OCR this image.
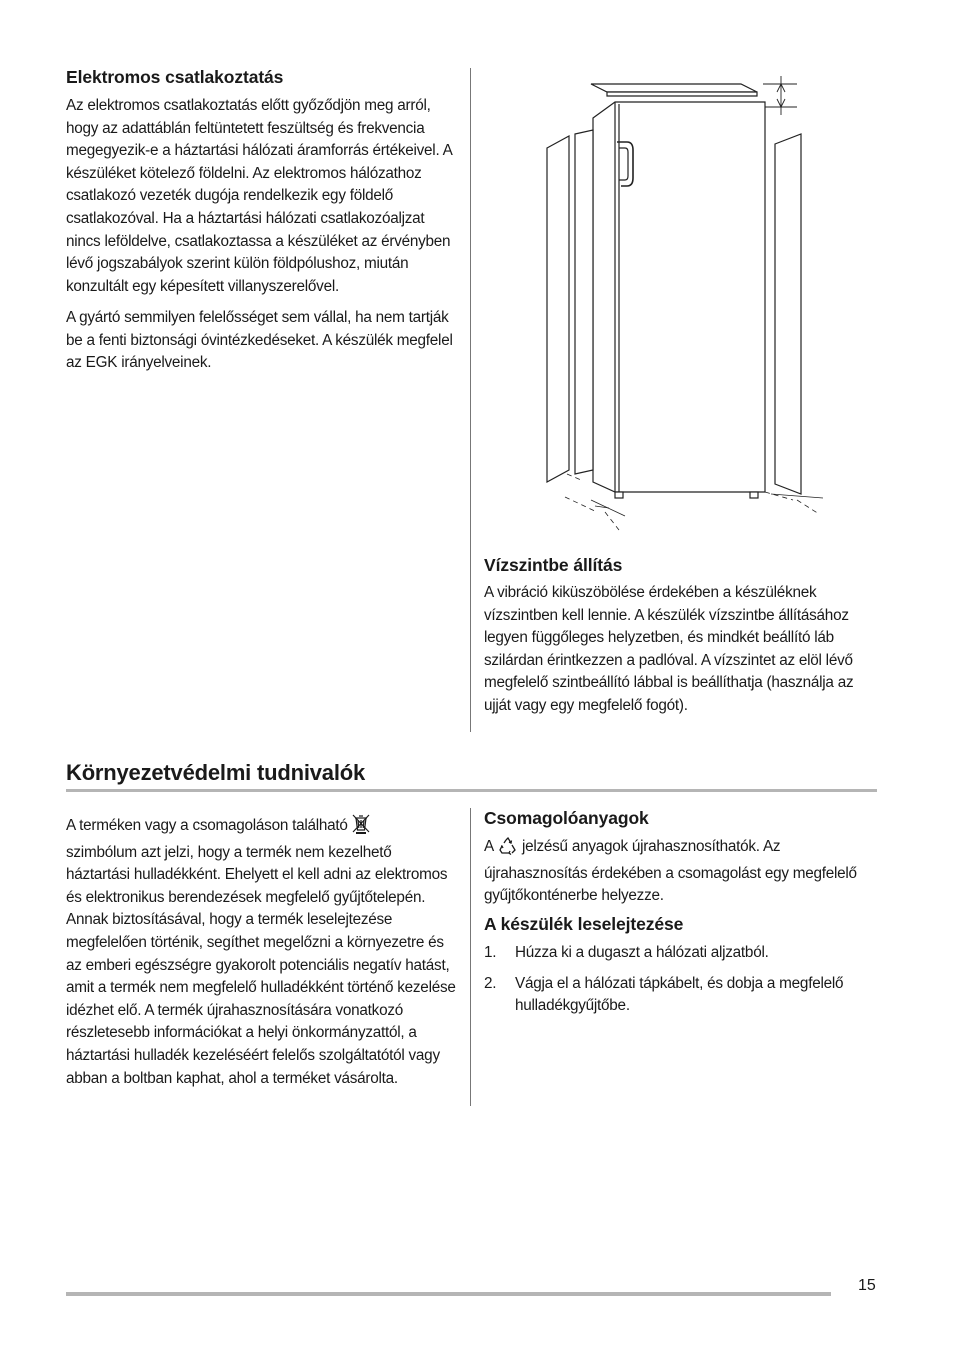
Elektromos csatlakoztatás

Az elektromos csatlakoztatás előtt győződjön meg arról, hogy az adattáblán feltüntetett feszültség és frekvencia megegyezik-e a háztartási hálózati áramforrás értékeivel. A készüléket kötelező földelni. Az elektromos hálózathoz csatlakozó vezeték dugója rendelkezik egy földelő csatlakozóval. Ha a háztartási hálózati csatlakozóaljzat nincs leföldelve, csatlakoztassa a készüléket az érvényben lévő jogszabályok szerint külön földpólushoz, miután konzultált egy képesített villanyszerelővel.

A gyártó semmilyen felelősséget sem vállal, ha nem tartják be a fenti biztonsági óvintézkedéseket. A készülék megfelel az EGK irányelveinek.

Vízszintbe állítás

A vibráció kiküszöbölése érdekében a készüléknek vízszintben kell lennie. A készülék vízszintbe állításához legyen függőleges helyzetben, és mindkét beállító láb szilárdan érintkezzen a padlóval. A vízszintet az elöl lévő megfelelő szintbeállító lábbal is beállíthatja (használja az ujját vagy egy megfelelő fogót).

Környezetvédelmi tudnivalók

A terméken vagy a csomagoláson található
szimbólum azt jelzi, hogy a termék nem kezelhető háztartási hulladékként. Ehelyett el kell adni az elektromos és elektronikus berendezések megfelelő gyűjtőtelepén. Annak biztosításával, hogy a termék leselejtezése megfelelően történik, segíthet megelőzni a környezetre és az emberi egészségre gyakorolt potenciális negatív hatást, amit a termék nem megfelelő hulladékként történő kezelése idézhet elő. A termék újrahasznosítására vonatkozó részletesebb információkat a helyi önkormányzattól, a háztartási hulladék kezeléséért felelős szolgáltatótól vagy abban a boltban kaphat, ahol a terméket vásárolta.

Csomagolóanyagok

A jelzésű anyagok újrahasznosíthatók. Az újrahasznosítás érdekében a csomagolást egy megfelelő gyűjtőkonténerbe helyezze.

A készülék leselejtezése
1. Húzza ki a dugaszt a hálózati aljzatból.
2. Vágja el a hálózati tápkábelt, és dobja a megfelelő hulladékgyűjtőbe.
15
